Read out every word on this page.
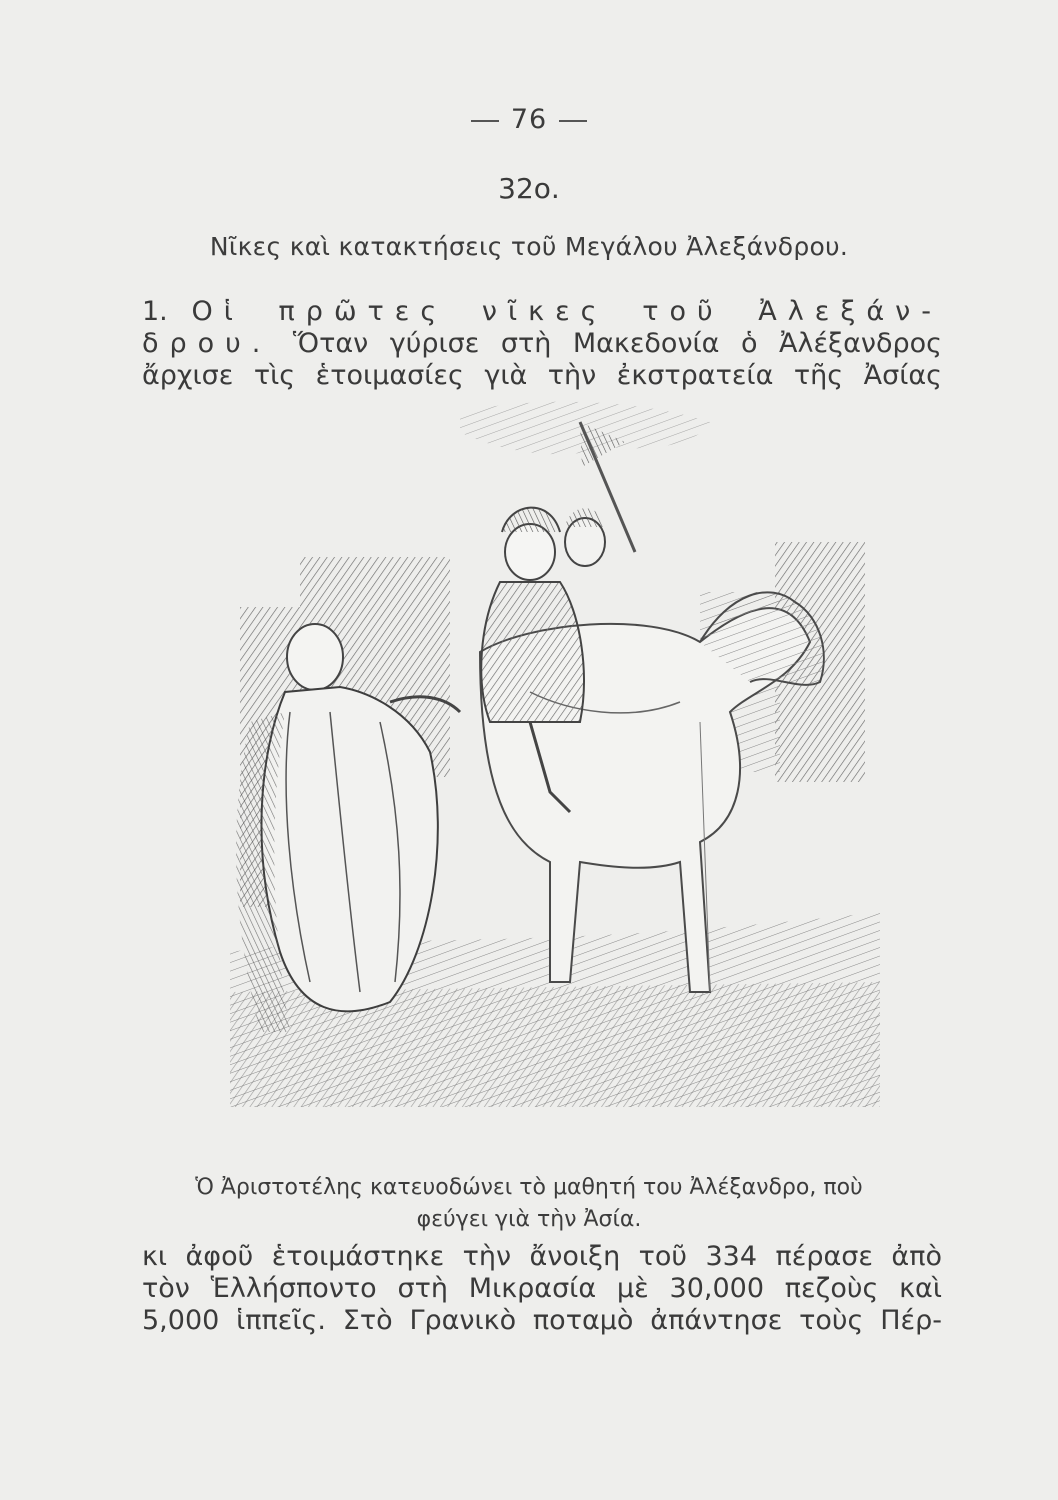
76
32ο.
Νῖκες καὶ κατακτήσεις τοῦ Μεγάλου Ἀλεξάνδρου.
1. Οἱ πρῶτες νῖκες τοῦ Ἀλεξάν-
δρου. Ὅταν γύρισε στὴ Μακεδονία ὁ Ἀλέξανδρος
ἄρχισε τὶς ἑτοιμασίες γιὰ τὴν ἐκστρατεία τῆς Ἀσίας
Ὁ Ἀριστοτέλης κατευοδώνει τὸ μαθητή του Ἀλέξανδρο, ποὺ
φεύγει γιὰ τὴν Ἀσία.
κι ἀφοῦ ἑτοιμάστηκε τὴν ἄνοιξη τοῦ 334 πέρασε ἀπὸ
τὸν Ἑλλήσποντο στὴ Μικρασία μὲ 30,000 πεζοὺς καὶ
5,000 ἱππεῖς. Στὸ Γρανικὸ ποταμὸ ἀπάντησε τοὺς Πέρ-
